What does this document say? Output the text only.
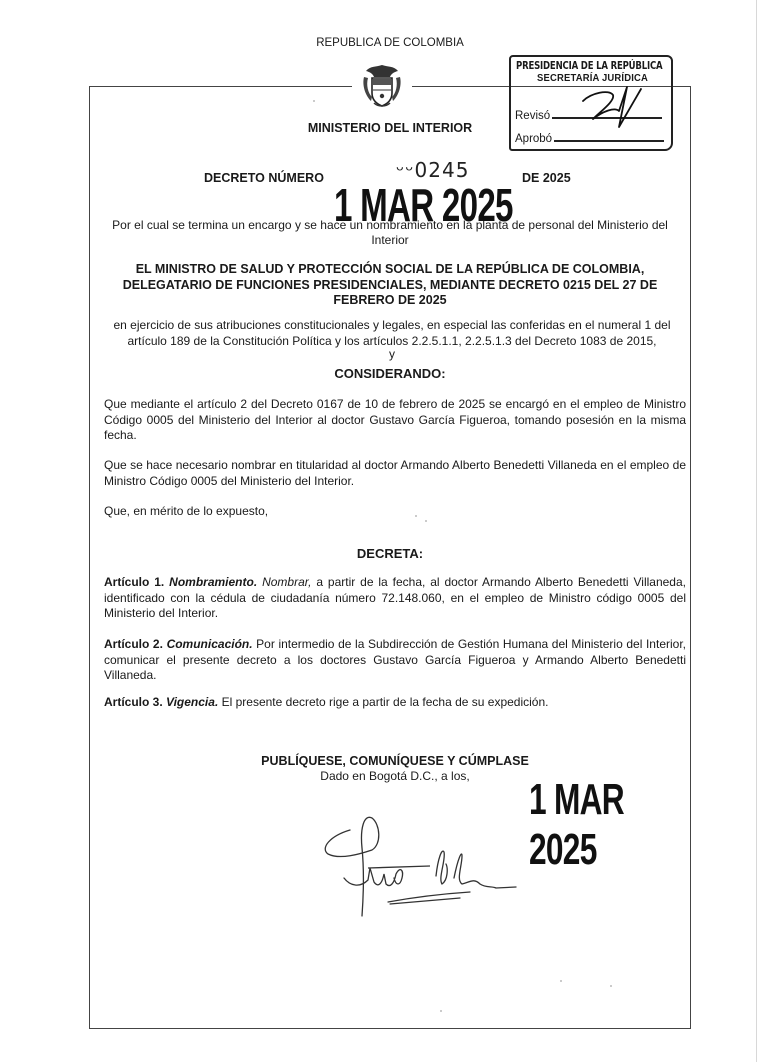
REPUBLICA DE COLOMBIA
MINISTERIO DEL INTERIOR
PRESIDENCIA DE LA REPÚBLICA
SECRETARÍA JURÍDICA
Revisó
Aprobó
DECRETO NÚMERO	ᵕᵕ0245	DE 2025
1 MAR 2025
Por el cual se termina un encargo y se hace un nombramiento en la planta de personal del Ministerio del Interior
EL MINISTRO DE SALUD Y PROTECCIÓN SOCIAL DE LA REPÚBLICA DE COLOMBIA, DELEGATARIO DE FUNCIONES PRESIDENCIALES, MEDIANTE DECRETO 0215 DEL 27 DE FEBRERO DE 2025
en ejercicio de sus atribuciones constitucionales y legales, en especial las conferidas en el numeral 1 del artículo 189 de la Constitución Política y los artículos 2.2.5.1.1, 2.2.5.1.3 del Decreto 1083 de 2015,
y
CONSIDERANDO:
Que mediante el artículo 2 del Decreto 0167 de 10 de febrero de 2025 se encargó en el empleo de Ministro Código 0005 del Ministerio del Interior al doctor Gustavo García Figueroa, tomando posesión en la misma fecha.
Que se hace necesario nombrar en titularidad al doctor Armando Alberto Benedetti Villaneda en el empleo de Ministro Código 0005 del Ministerio del Interior.
Que, en mérito de lo expuesto,
DECRETA:
Artículo 1. Nombramiento. Nombrar, a partir de la fecha, al doctor Armando Alberto Benedetti Villaneda, identificado con la cédula de ciudadanía número 72.148.060, en el empleo de Ministro código 0005 del Ministerio del Interior.
Artículo 2. Comunicación. Por intermedio de la Subdirección de Gestión Humana del Ministerio del Interior, comunicar el presente decreto a los doctores Gustavo García Figueroa y Armando Alberto Benedetti Villaneda.
Artículo 3. Vigencia. El presente decreto rige a partir de la fecha de su expedición.
PUBLÍQUESE, COMUNÍQUESE Y CÚMPLASE
Dado en Bogotá D.C., a los,	1 MAR 2025
